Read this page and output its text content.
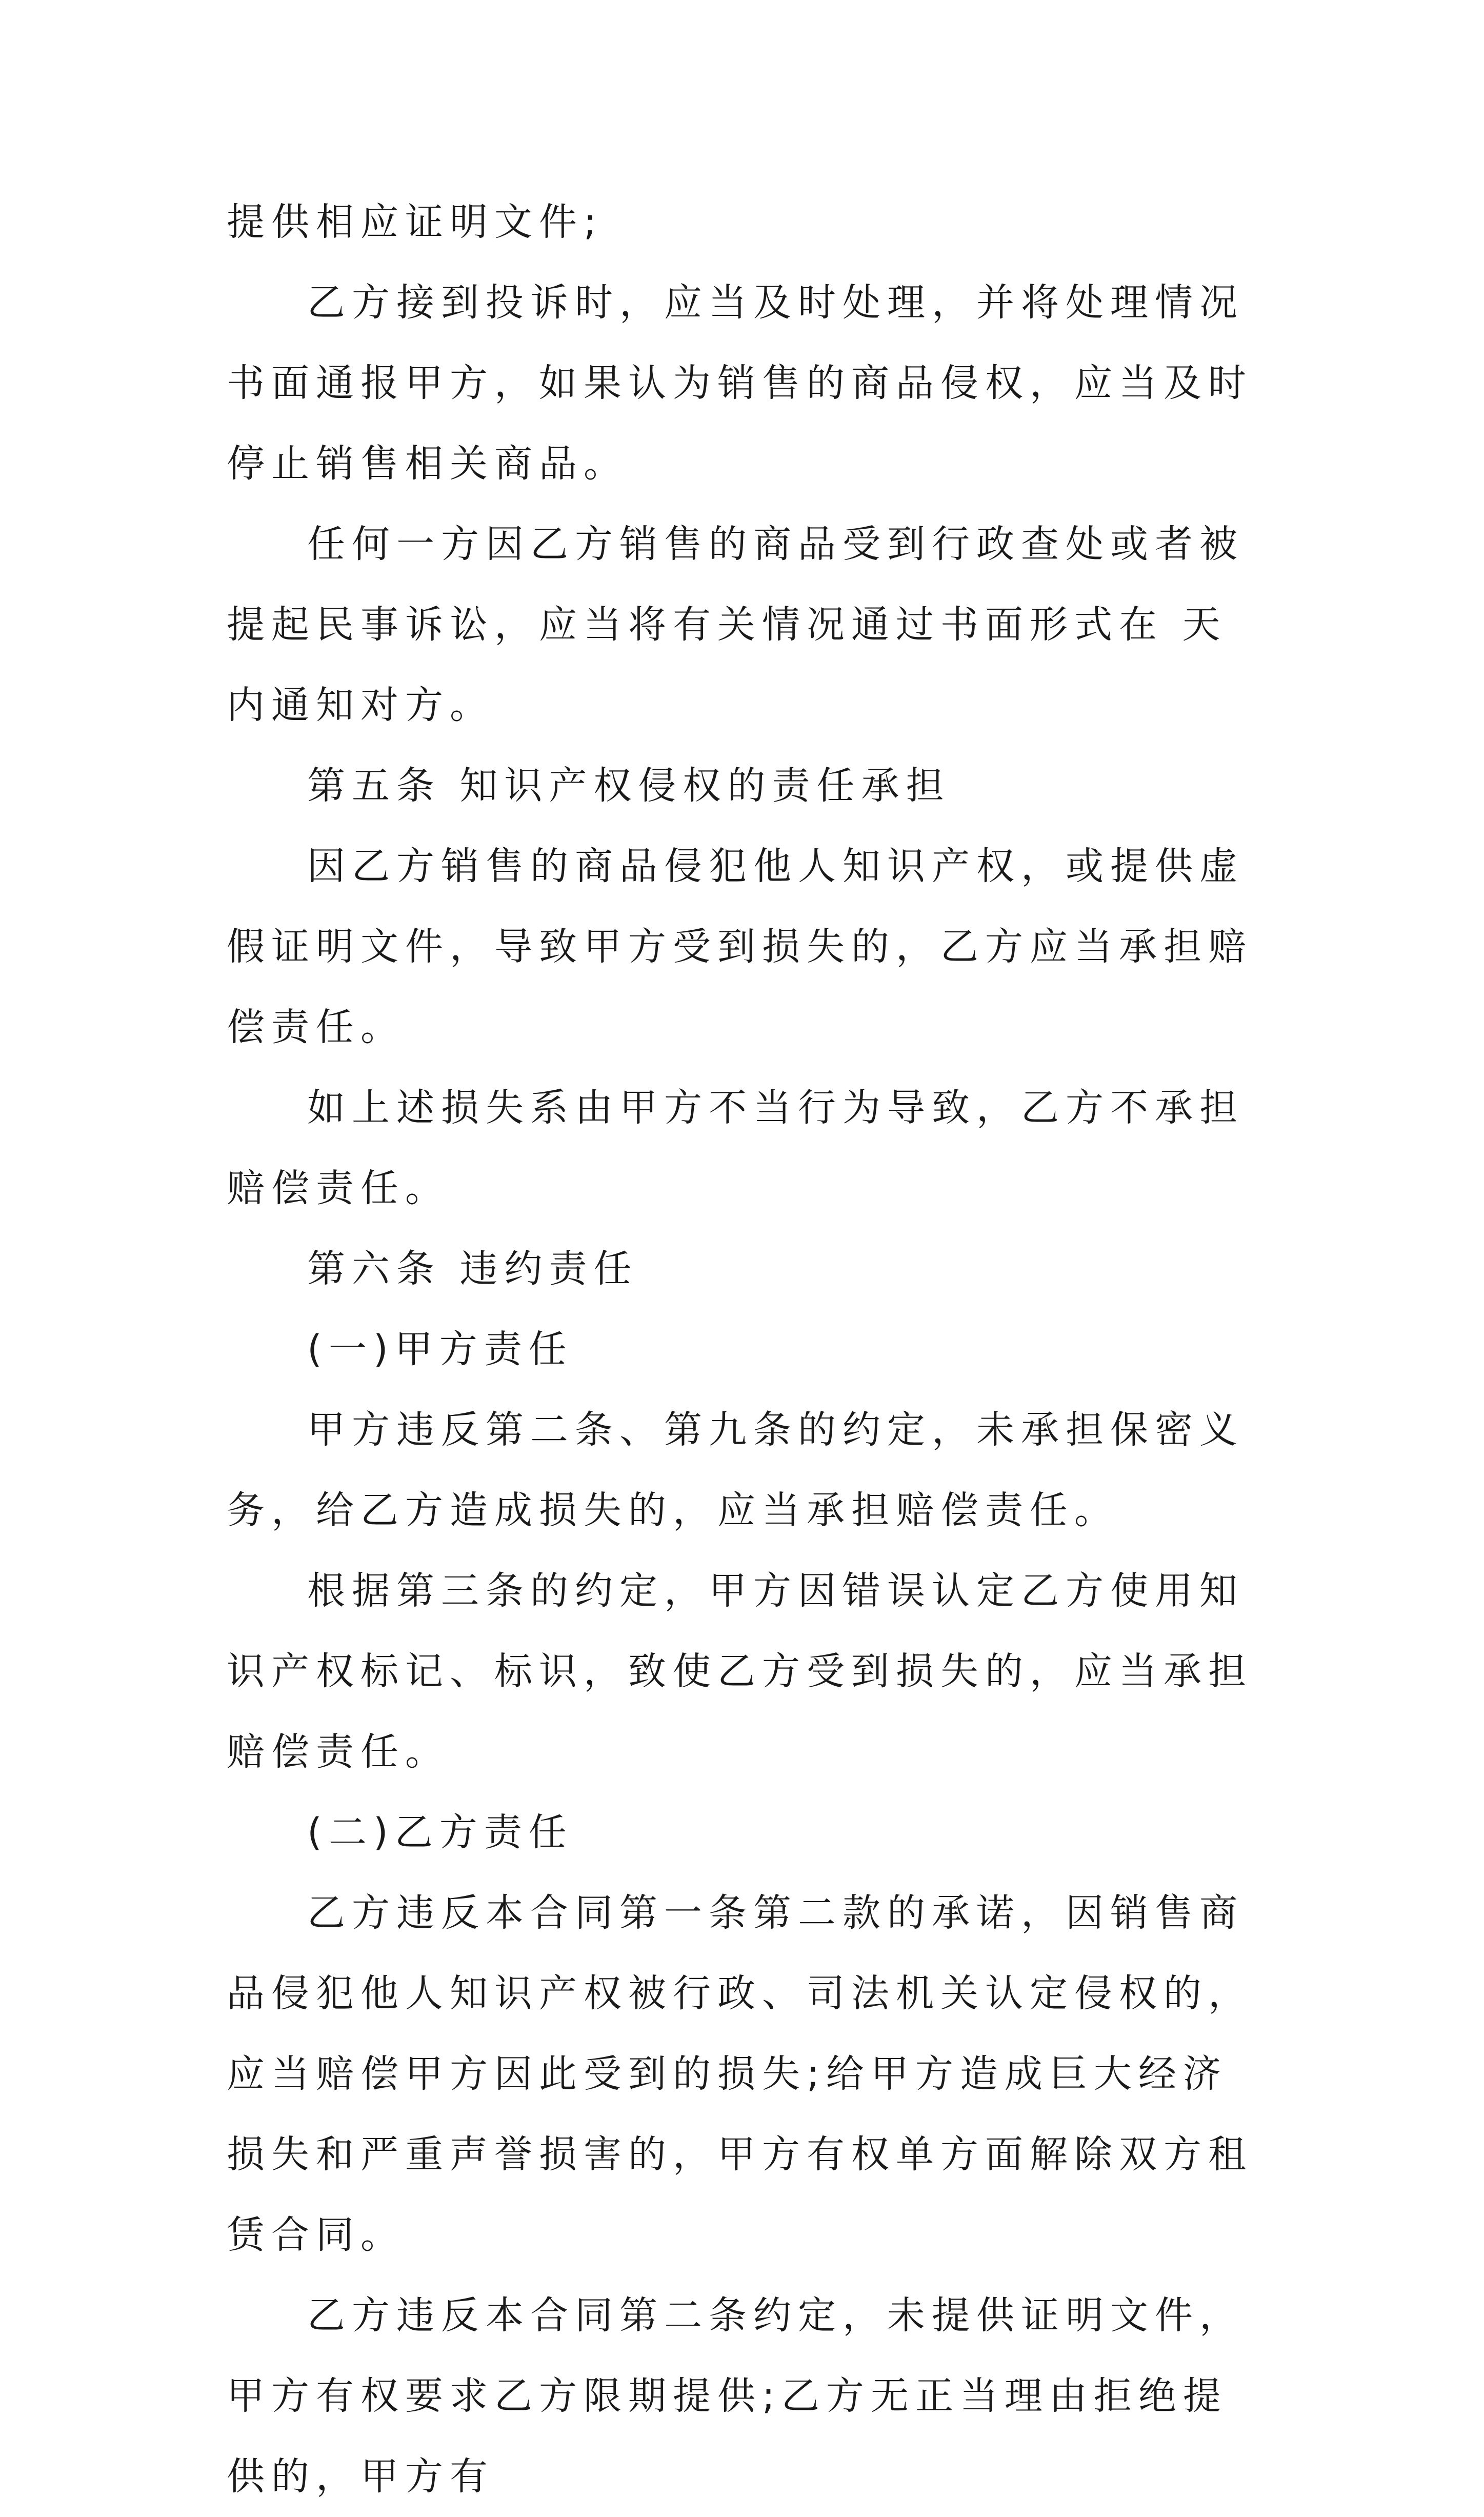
提供相应证明文件;

乙方接到投诉时，应当及时处理，并将处理情况书面通报甲方，如果认为销售的商品侵权，应当及时停止销售相关商品。

任何一方因乙方销售的商品受到行政查处或者被提起民事诉讼，应当将有关情况通过书面形式在 天内通知对方。

第五条 知识产权侵权的责任承担

因乙方销售的商品侵犯他人知识产权，或提供虚假证明文件，导致甲方受到损失的，乙方应当承担赔偿责任。

如上述损失系由甲方不当行为导致，乙方不承担赔偿责任。

第六条 违约责任

(一)甲方责任

甲方违反第二条、第九条的约定，未承担保密义务，给乙方造成损失的，应当承担赔偿责任。

根据第三条的约定，甲方因错误认定乙方使用知识产权标记、标识，致使乙方受到损失的，应当承担赔偿责任。

(二)乙方责任

乙方违反本合同第一条第二款的承诺，因销售商品侵犯他人知识产权被行政、司法机关认定侵权的，应当赔偿甲方因此受到的损失;给甲方造成巨大经济损失和严重声誉损害的，甲方有权单方面解除双方租赁合同。

乙方违反本合同第二条约定，未提供证明文件，甲方有权要求乙方限期提供;乙方无正当理由拒绝提供的，甲方有
